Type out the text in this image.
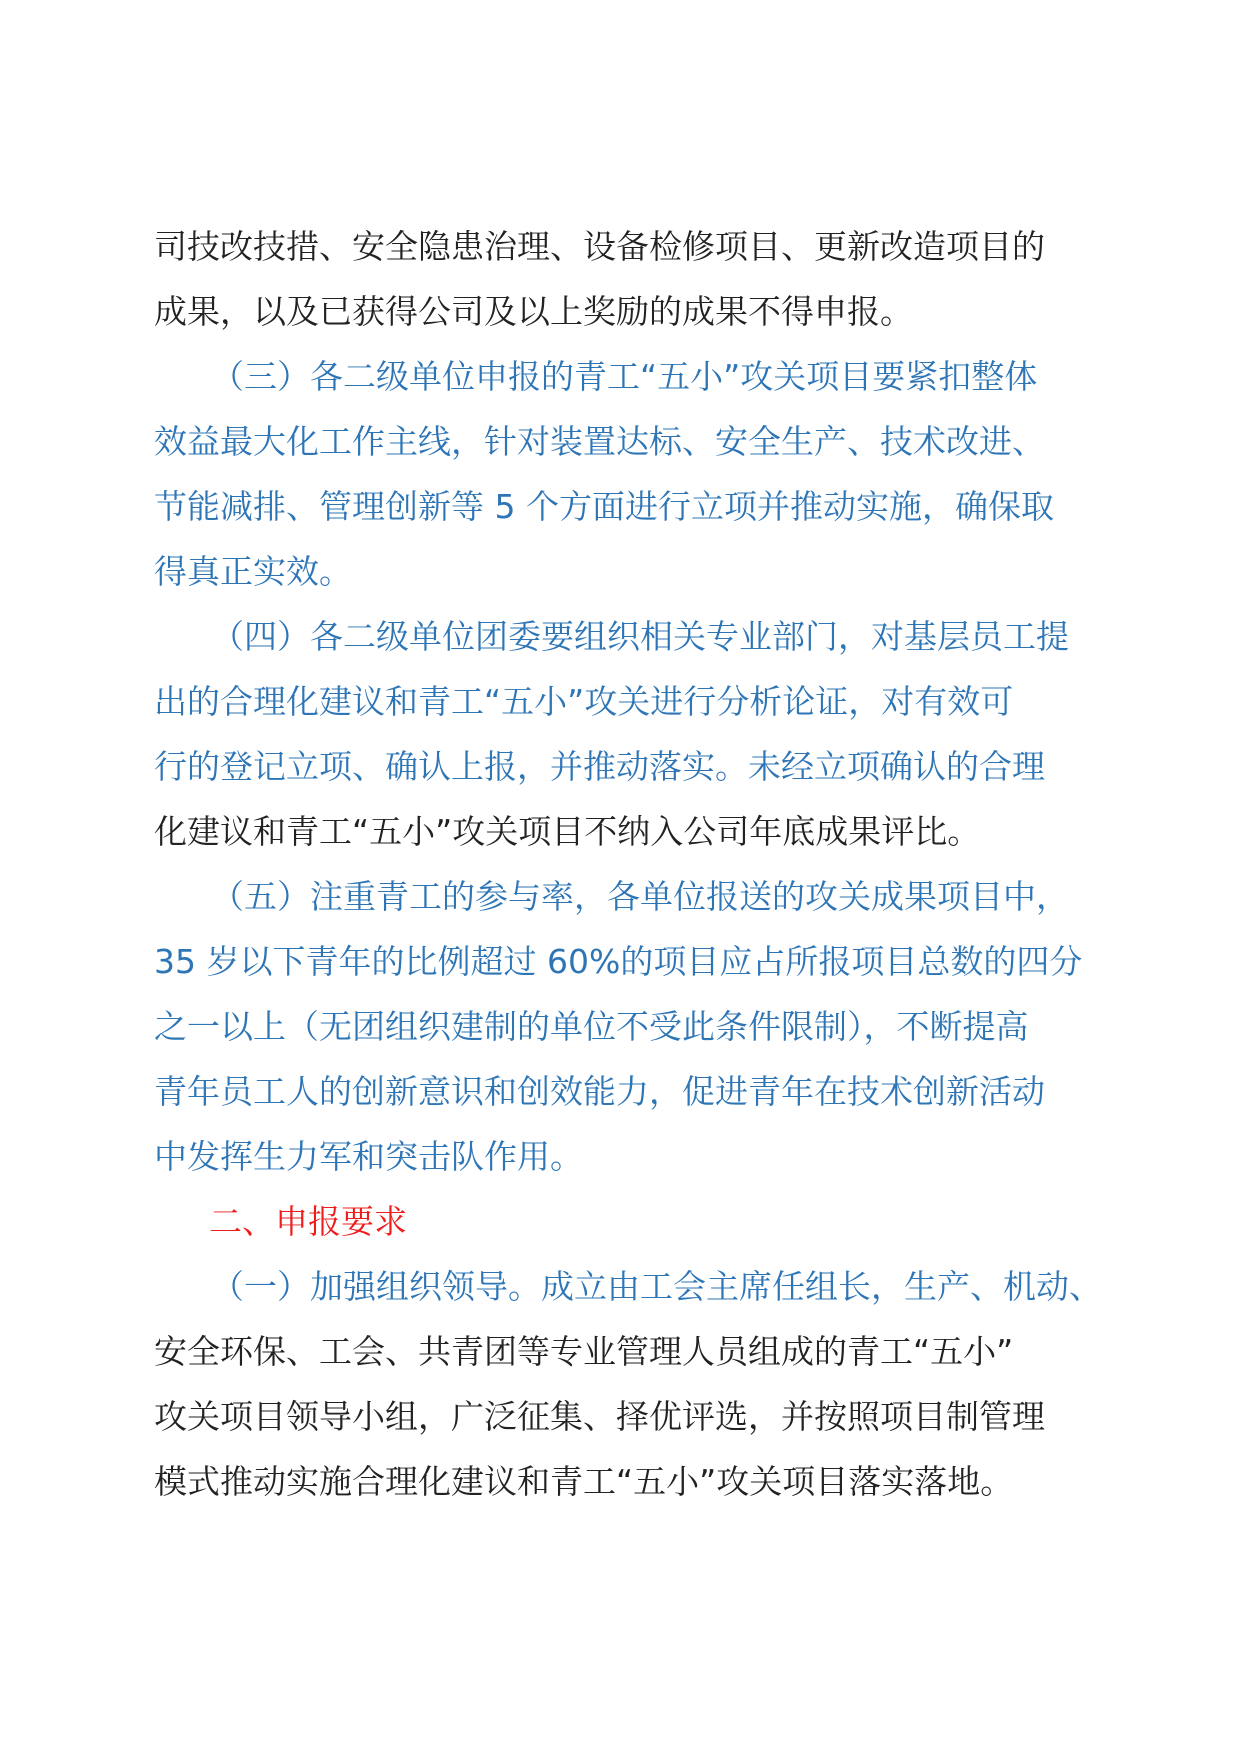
司技改技措、安全隐患治理、设备检修项目、更新改造项目的
成果，以及已获得公司及以上奖励的成果不得申报。
（三）各二级单位申报的青工“五小”攻关项目要紧扣整体
效益最大化工作主线，针对装置达标、安全生产、技术改进、
节能减排、管理创新等 5 个方面进行立项并推动实施，确保取
得真正实效。
（四）各二级单位团委要组织相关专业部门，对基层员工提
出的合理化建议和青工“五小”攻关进行分析论证，对有效可
行的登记立项、确认上报，并推动落实。未经立项确认的合理
化建议和青工“五小”攻关项目不纳入公司年底成果评比。
（五）注重青工的参与率，各单位报送的攻关成果项目中，
35 岁以下青年的比例超过 60%的项目应占所报项目总数的四分
之一以上（无团组织建制的单位不受此条件限制），不断提高
青年员工人的创新意识和创效能力，促进青年在技术创新活动
中发挥生力军和突击队作用。
二、申报要求
（一）加强组织领导。成立由工会主席任组长，生产、机动、
安全环保、工会、共青团等专业管理人员组成的青工“五小”
攻关项目领导小组，广泛征集、择优评选，并按照项目制管理
模式推动实施合理化建议和青工“五小”攻关项目落实落地。
